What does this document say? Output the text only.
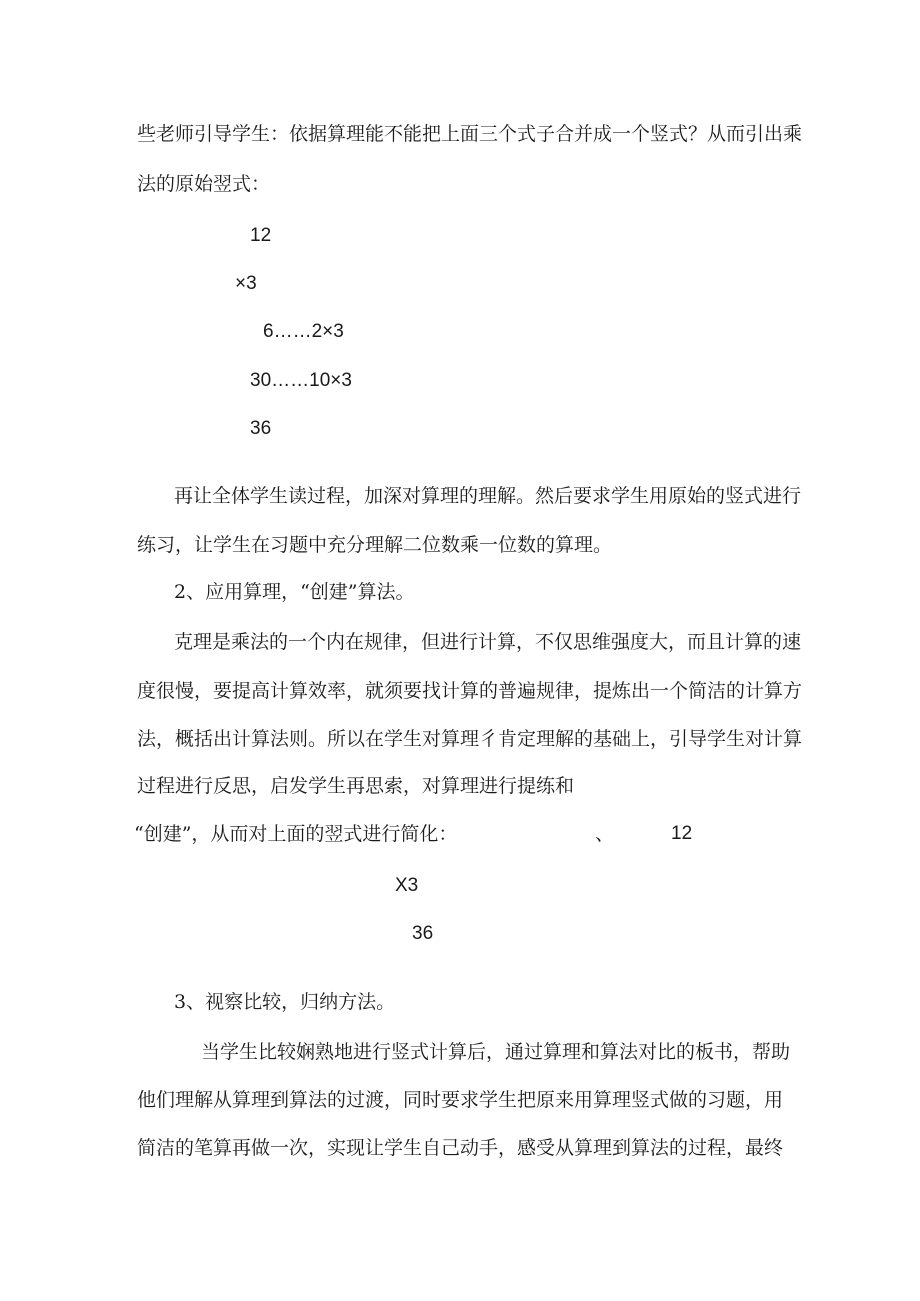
些老师引导学生：依据算理能不能把上面三个式子合并成一个竖式？从而引出乘
法的原始翌式：
12
×3
6……2×3
30……10×3
36
再让全体学生读过程，加深对算理的理解。然后要求学生用原始的竖式进行
练习，让学生在习题中充分理解二位数乘一位数的算理。
2、应用算理，“创建”算法。
克理是乘法的一个内在规律，但进行计算，不仅思维强度大，而且计算的速
度很慢，要提高计算效率，就须要找计算的普遍规律，提炼出一个简洁的计算方
法，概括出计算法则。所以在学生对算理彳肯定理解的基础上，引导学生对计算
过程进行反思，启发学生再思索，对算理进行提练和
“创建”，从而对上面的翌式进行简化：	、	12
X3
36
3、视察比较，归纳方法。
当学生比较娴熟地进行竖式计算后，通过算理和算法对比的板书，帮助
他们理解从算理到算法的过渡，同时要求学生把原来用算理竖式做的习题，用
简洁的笔算再做一次，实现让学生自己动手，感受从算理到算法的过程，最终
